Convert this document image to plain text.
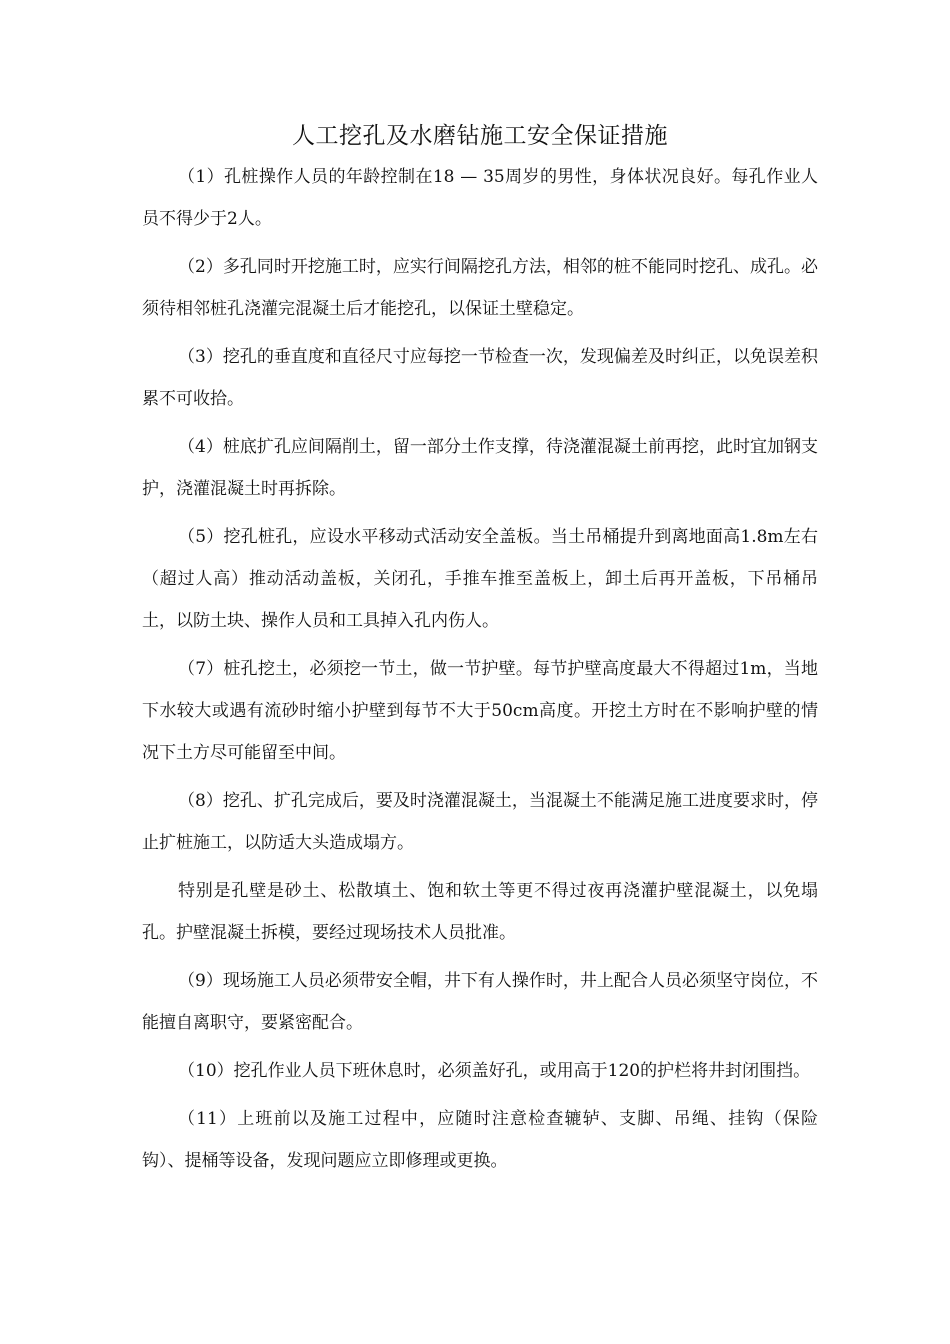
人工挖孔及水磨钻施工安全保证措施

（1）孔桩操作人员的年龄控制在18 — 35周岁的男性，身体状况良好。每孔作业人员不得少于2人。

（2）多孔同时开挖施工时，应实行间隔挖孔方法，相邻的桩不能同时挖孔、成孔。必须待相邻桩孔浇灌完混凝土后才能挖孔，以保证土壁稳定。

（3）挖孔的垂直度和直径尺寸应每挖一节检查一次，发现偏差及时纠正，以免误差积累不可收拾。

（4）桩底扩孔应间隔削土，留一部分土作支撑，待浇灌混凝土前再挖，此时宜加钢支护，浇灌混凝土时再拆除。

（5）挖孔桩孔，应设水平移动式活动安全盖板。当土吊桶提升到离地面高1.8m左右（超过人高）推动活动盖板，关闭孔，手推车推至盖板上，卸土后再开盖板，下吊桶吊土，以防土块、操作人员和工具掉入孔内伤人。

（7）桩孔挖土，必须挖一节土，做一节护壁。每节护壁高度最大不得超过1m，当地下水较大或遇有流砂时缩小护壁到每节不大于50cm高度。开挖土方时在不影响护壁的情况下土方尽可能留至中间。

（8）挖孔、扩孔完成后，要及时浇灌混凝土，当混凝土不能满足施工进度要求时，停止扩桩施工，以防适大头造成塌方。

特别是孔壁是砂土、松散填土、饱和软土等更不得过夜再浇灌护壁混凝土，以免塌孔。护壁混凝土拆模，要经过现场技术人员批准。

（9）现场施工人员必须带安全帽，井下有人操作时，井上配合人员必须坚守岗位，不能擅自离职守，要紧密配合。

（10）挖孔作业人员下班休息时，必须盖好孔，或用高于120的护栏将井封闭围挡。

（11）上班前以及施工过程中，应随时注意检查辘轳、支脚、吊绳、挂钩（保险钩）、提桶等设备，发现问题应立即修理或更换。
